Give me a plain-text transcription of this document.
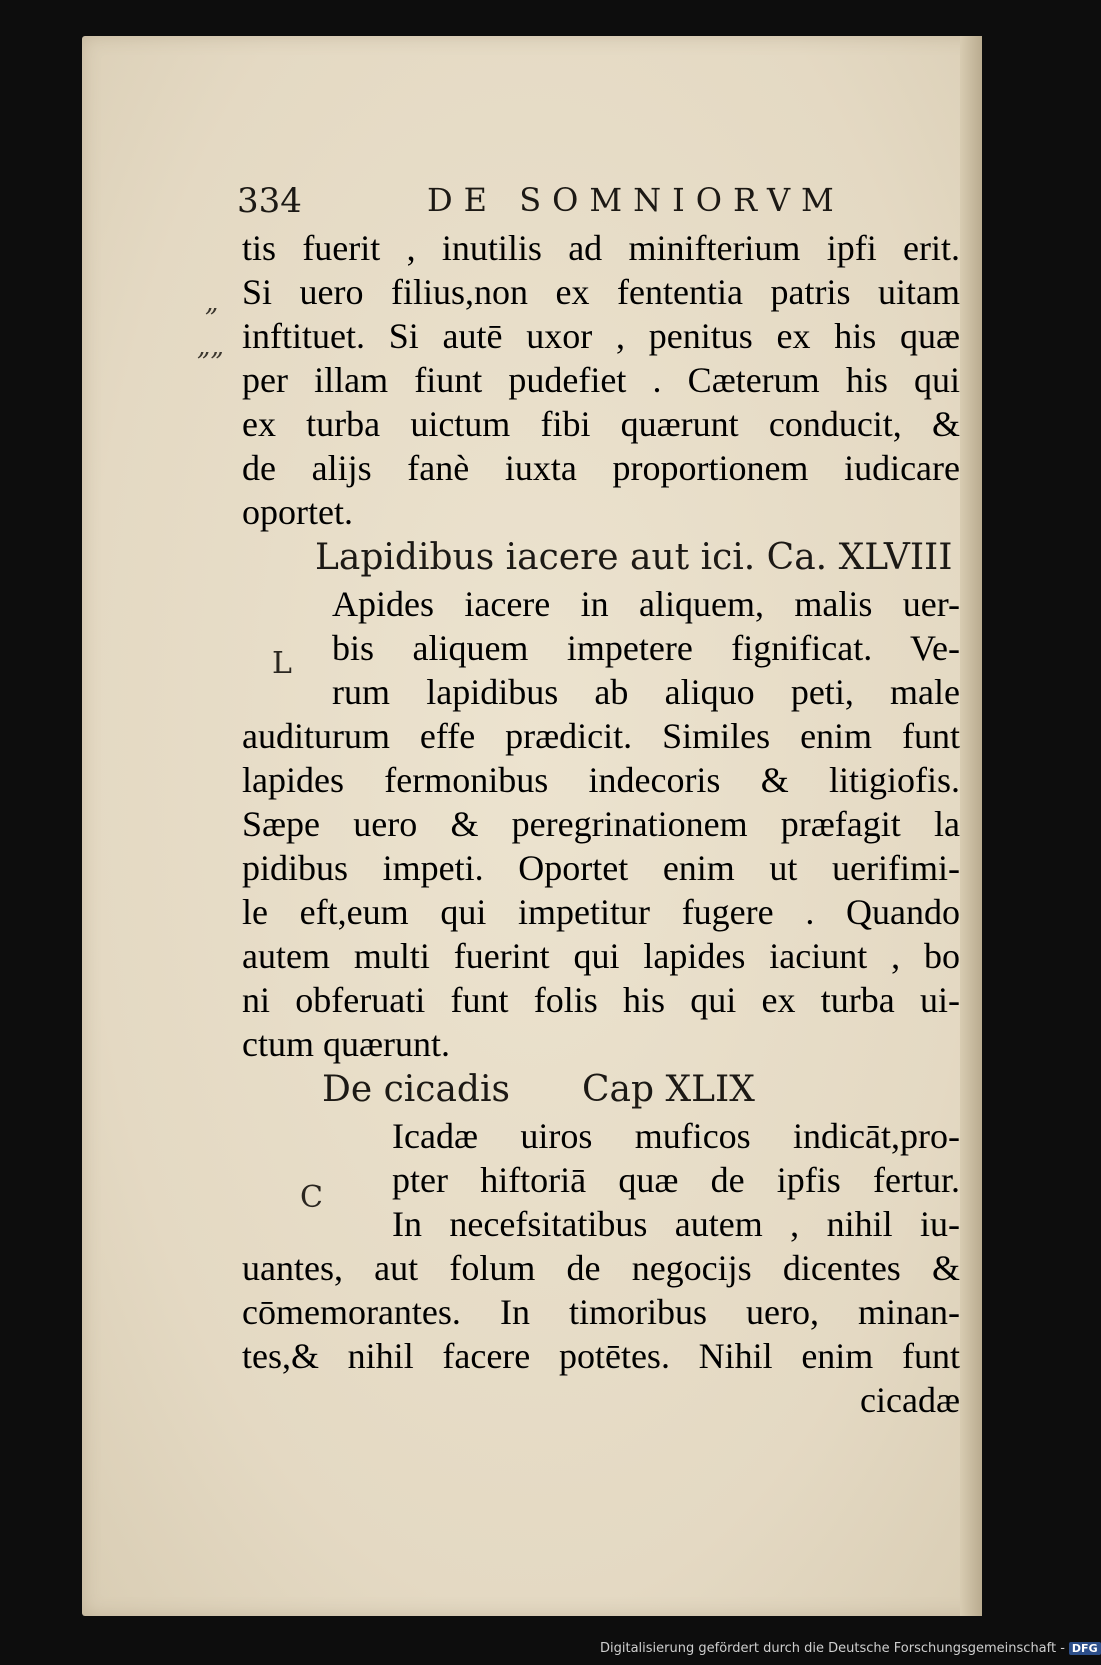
334	DE SOMNIORVM
„
„„
tis fuerit , inutilis ad minifterium ipfi erit.
Si uero filius,non ex fententia patris uitam
inftituet. Si autē uxor , penitus ex his quæ
per illam fiunt pudefiet . Cæterum his qui
ex turba uictum fibi quærunt conducit, &
de alijs fanè iuxta proportionem iudicare
oportet.
Lapidibus iacere aut ici. Ca. XLVIII
L
Apides iacere in aliquem, malis uer-
bis aliquem impetere fignificat. Ve-
rum lapidibus ab aliquo peti, male
auditurum effe prædicit. Similes enim funt
lapides fermonibus indecoris & litigiofis.
Sæpe uero & peregrinationem præfagit la
pidibus impeti. Oportet enim ut uerifimi-
le eft,eum qui impetitur fugere . Quando
autem multi fuerint qui lapides iaciunt , bo
ni obferuati funt folis his qui ex turba ui-
ctum quærunt.
De cicadis Cap XLIX
C
Icadæ uiros muficos indicāt,pro-
pter hiftoriā quæ de ipfis fertur.
In necefsitatibus autem , nihil iu-
uantes, aut folum de negocijs dicentes &
cōmemorantes. In timoribus uero, minan-
tes,& nihil facere potētes. Nihil enim funt
cicadæ
Digitalisierung gefördert durch die Deutsche Forschungsgemeinschaft - DFG
